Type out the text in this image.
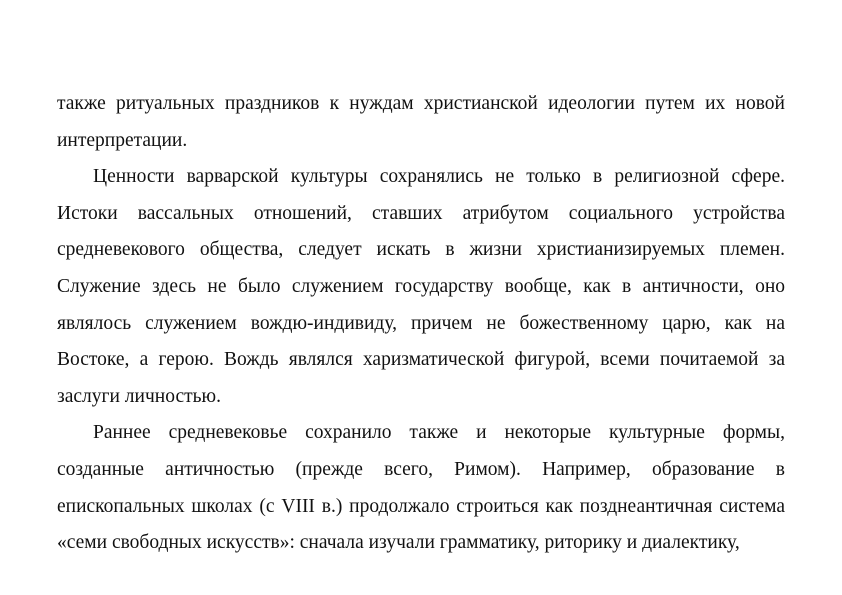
также ритуальных праздников к нуждам христианской идеологии путем их новой интерпретации.

Ценности варварской культуры сохранялись не только в религиозной сфере. Истоки вассальных отношений, ставших атрибутом социального устройства средневекового общества, следует искать в жизни христианизируемых племен. Служение здесь не было служением государству вообще, как в античности, оно являлось служением вождю-индивиду, причем не божественному царю, как на Востоке, а герою. Вождь являлся харизматической фигурой, всеми почитаемой за заслуги личностью.

Раннее средневековье сохранило также и некоторые культурные формы, созданные античностью (прежде всего, Римом). Например, образование в епископальных школах (с VIII в.) продолжало строиться как позднеантичная система «семи свободных искусств»: сначала изучали грамматику, риторику и диалектику,
